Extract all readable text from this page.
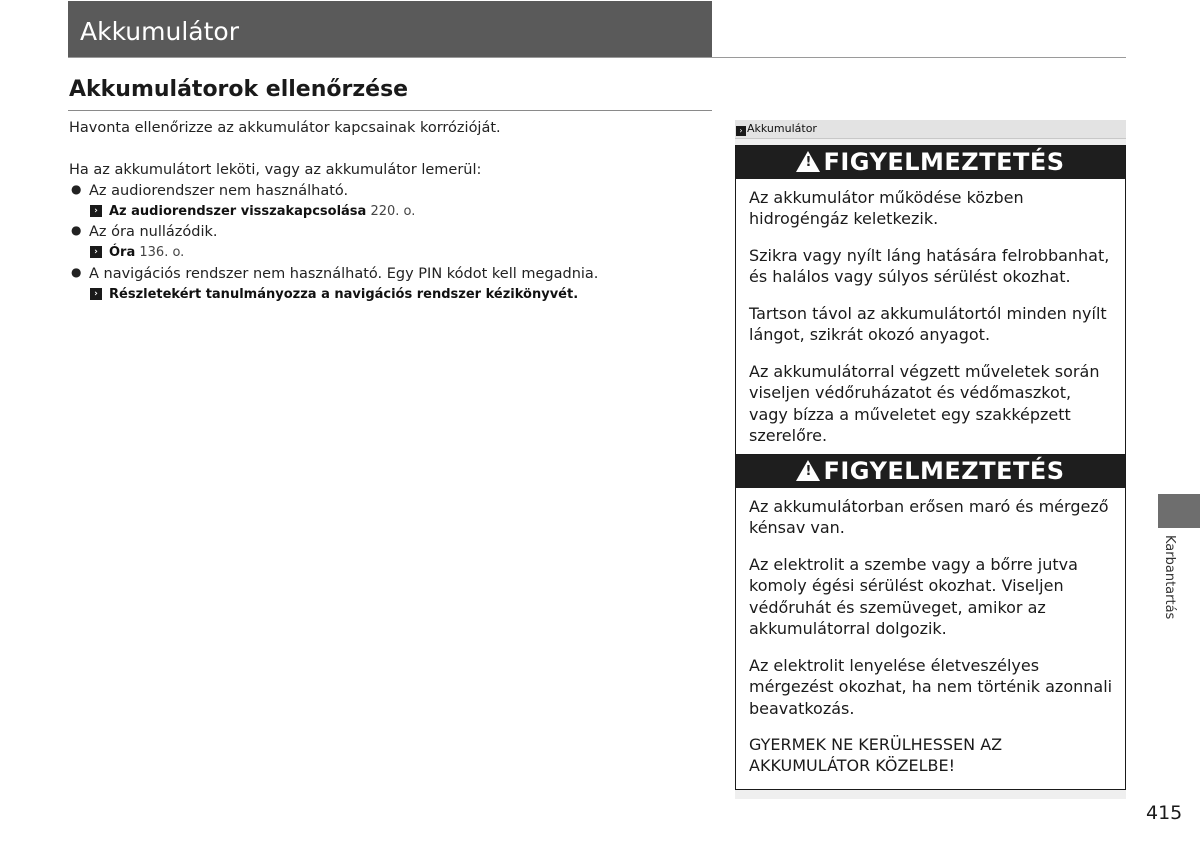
Akkumulátor
Akkumulátorok ellenőrzése
Havonta ellenőrizze az akkumulátor kapcsainak korrózióját.
Ha az akkumulátort leköti, vagy az akkumulátor lemerül:
● Az audiorendszer nem használható.
› Az audiorendszer visszakapcsolása 220. o.
● Az óra nullázódik.
› Óra 136. o.
● A navigációs rendszer nem használható. Egy PIN kódot kell megadnia.
› Részletekért tanulmányozza a navigációs rendszer kézikönyvét.
› Akkumulátor
! FIGYELMEZTETÉS

Az akkumulátor működése közben hidrogéngáz keletkezik.

Szikra vagy nyílt láng hatására felrobbanhat, és halálos vagy súlyos sérülést okozhat.

Tartson távol az akkumulátortól minden nyílt lángot, szikrát okozó anyagot.

Az akkumulátorral végzett műveletek során viseljen védőruházatot és védőmaszkot, vagy bízza a műveletet egy szakképzett szerelőre.

! FIGYELMEZTETÉS

Az akkumulátorban erősen maró és mérgező kénsav van.

Az elektrolit a szembe vagy a bőrre jutva komoly égési sérülést okozhat. Viseljen védőruhát és szemüveget, amikor az akkumulátorral dolgozik.

Az elektrolit lenyelése életveszélyes mérgezést okozhat, ha nem történik azonnali beavatkozás.

GYERMEK NE KERÜLHESSEN AZ AKKUMULÁTOR KÖZELBE!

Karbantartás
415
